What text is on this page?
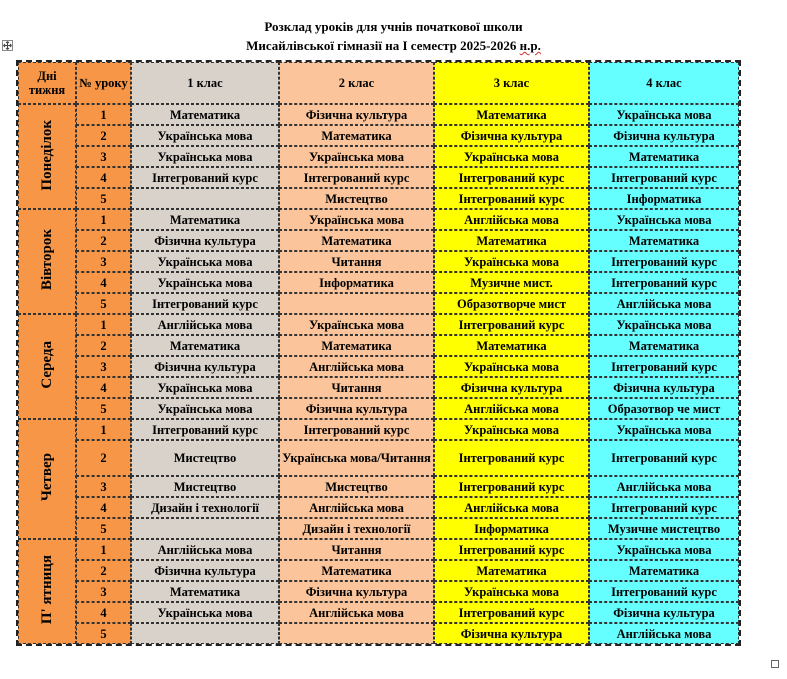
Розклад уроків для учнів початкової школи
Мисайлівської гімназії на І семестр 2025-2026 н.р.
Дні тижня	№ уроку	1 клас	2 клас	3 клас	4 клас
Понеділок	1	Математика	Фізична культура	Математика	Українська мова
	2	Українська мова	Математика	Фізична культура	Фізична культура
	3	Українська мова	Українська мова	Українська мова	Математика
	4	Інтегрований курс	Інтегрований курс	Інтегрований курс	Інтегрований курс
	5		Мистецтво	Інтегрований курс	Інформатика
Вівторок	1	Математика	Українська мова	Англійська мова	Українська мова
	2	Фізична культура	Математика	Математика	Математика
	3	Українська мова	Читання	Українська мова	Інтегрований курс
	4	Українська мова	Інформатика	Музичне мист.	Інтегрований курс
	5	Інтегрований курс		Образотворче мист	Англійська мова
Середа	1	Англійська мова	Українська мова	Інтегрований курс	Українська мова
	2	Математика	Математика	Математика	Математика
	3	Фізична культура	Англійська мова	Українська мова	Інтегрований курс
	4	Українська мова	Читання	Фізична культура	Фізична культура
	5	Українська мова	Фізична культура	Англійська мова	Образотвор че мист
Четвер	1	Інтегрований курс	Інтегрований курс	Українська мова	Українська мова
	2	Мистецтво	Українська мова/Читання	Інтегрований курс	Інтегрований курс
	3	Мистецтво	Мистецтво	Інтегрований курс	Англійська мова
	4	Дизайн і технології	Англійська мова	Англійська мова	Інтегрований курс
	5		Дизайн і технології	Інформатика	Музичне мистецтво
П' ятниця	1	Англійська мова	Читання	Інтегрований курс	Українська мова
	2	Фізична культура	Математика	Математика	Математика
	3	Математика	Фізична культура	Українська мова	Інтегрований курс
	4	Українська мова	Англійська мова	Інтегрований курс	Фізична культура
	5			Фізична культура	Англійська мова
